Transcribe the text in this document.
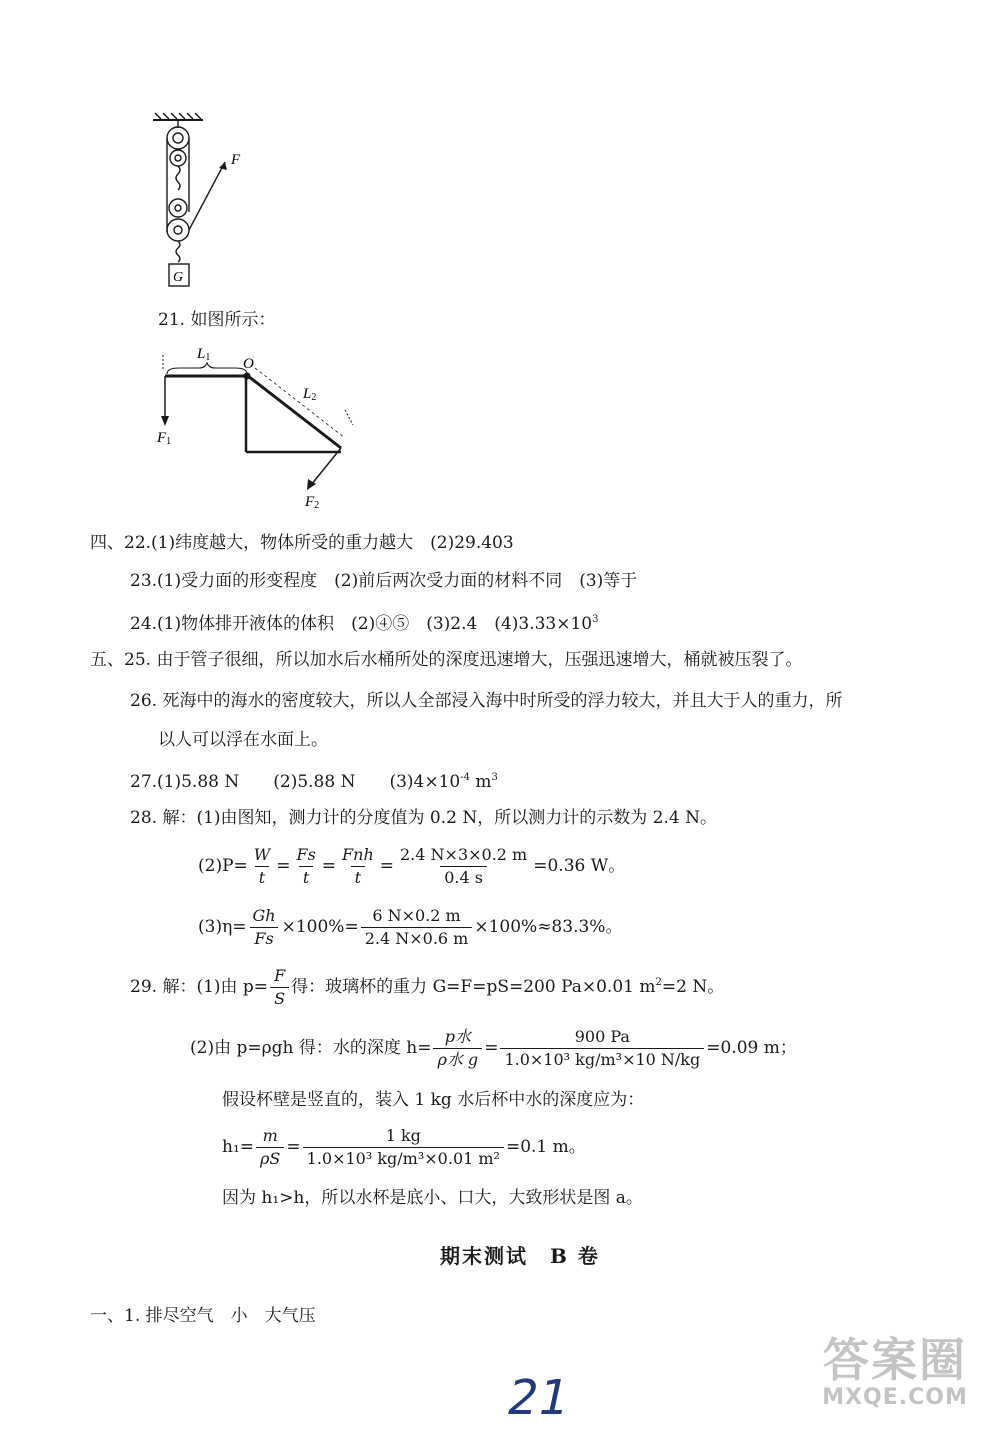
F
G
21. 如图所示：
L1 O
L2
F1
F2
四、22.(1)纬度越大，物体所受的重力越大　(2)29.403
23.(1)受力面的形变程度　(2)前后两次受力面的材料不同　(3)等于
24.(1)物体排开液体的体积　(2)④⑤　(3)2.4　$(4)3.33\times 10^3$
五、25. 由于管子很细，所以加水后水桶所处的深度迅速增大，压强迅速增大，桶就被压裂了。
26. 死海中的海水的密度较大，所以人全部浸入海中时所受的浮力较大，并且大于人的重力，所
以人可以浮在水面上。
27.(1)5.88 N　　(2)5.88 N　　$(3)4\times 10^{-4}$ $m^3$
28. 解：(1)由图知，测力计的分度值为 0.2 N，所以测力计的示数为 2.4 N。
$(2)P= \frac{W}{t} = \frac{Fs}{t} = \frac{\text{Fnh}}{t} = \frac{2.4 N\times 3\times 0.2 m}{0.4 s} =0.36$ W。
$(3)\eta= \frac{Gh}{Fs} \times 100\%= \frac{6 N\times 0.2 m}{2.4 N\times 0.6 m} \times 100\%\approx 83.3\%$。
29. 解：(1)由 $p= \frac{F}{S}$ 得：玻璃杯的重力 G=F=pS=200 Pa×0.01 $m^2=2$ N。
(2)由 p=ρgh 得：水的深度 $h= \frac{\text{p水}}{\text{ρ水 g}} = \frac{900 Pa}{\text{1.0×10³ kg/m³×10 N/kg}} =0.09$ m；
假设杯壁是竖直的，装入 1 kg 水后杯中水的深度应为：
$h_1= \frac{m}{\rho S} = \frac{1 kg}{\text{1.0×10³ kg/m³×0.01 m²}} =0.1$ m。
因为 h₁>h，所以水杯是底小、口大，大致形状是图 a。
期末测试　B 卷
一、1. 排尽空气　小　大气压
21
答案圈
MXQE.COM
